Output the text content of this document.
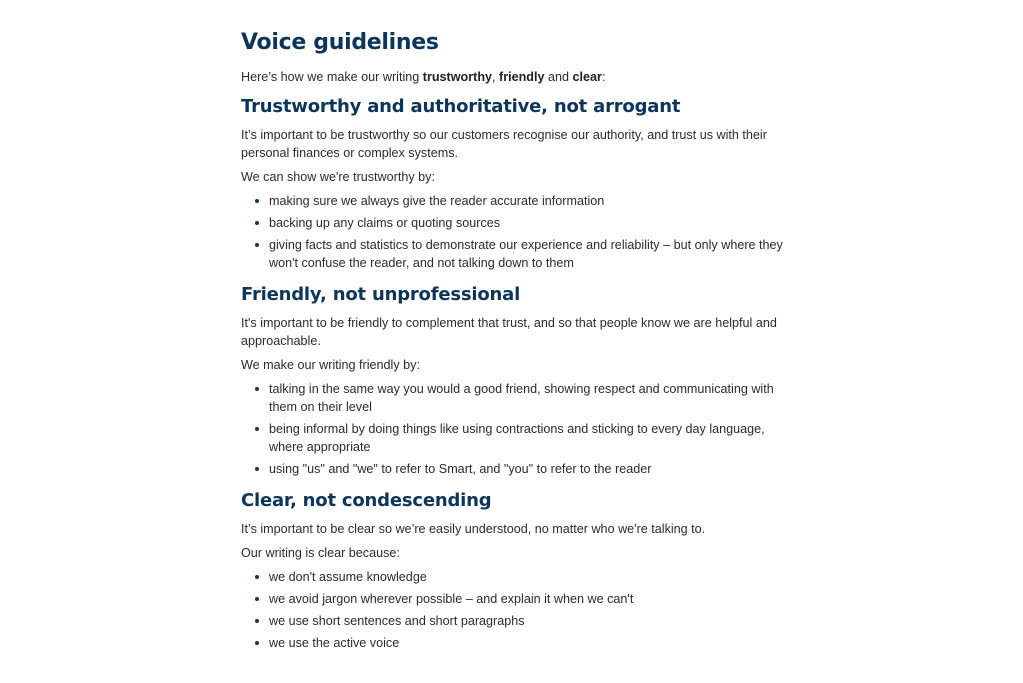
Voice guidelines

Here’s how we make our writing trustworthy, friendly and clear:

Trustworthy and authoritative, not arrogant

It’s important to be trustworthy so our customers recognise our authority, and trust us with their personal finances or complex systems.

We can show we're trustworthy by:

making sure we always give the reader accurate information
backing up any claims or quoting sources
giving facts and statistics to demonstrate our experience and reliability – but only where they won't confuse the reader, and not talking down to them
Friendly, not unprofessional

It's important to be friendly to complement that trust, and so that people know we are helpful and approachable.

We make our writing friendly by:

talking in the same way you would a good friend, showing respect and communicating with them on their level
being informal by doing things like using contractions and sticking to every day language, where appropriate
using "us" and "we" to refer to Smart, and "you" to refer to the reader
Clear, not condescending

It’s important to be clear so we’re easily understood, no matter who we're talking to.

Our writing is clear because:

we don't assume knowledge
we avoid jargon wherever possible – and explain it when we can't
we use short sentences and short paragraphs
we use the active voice
